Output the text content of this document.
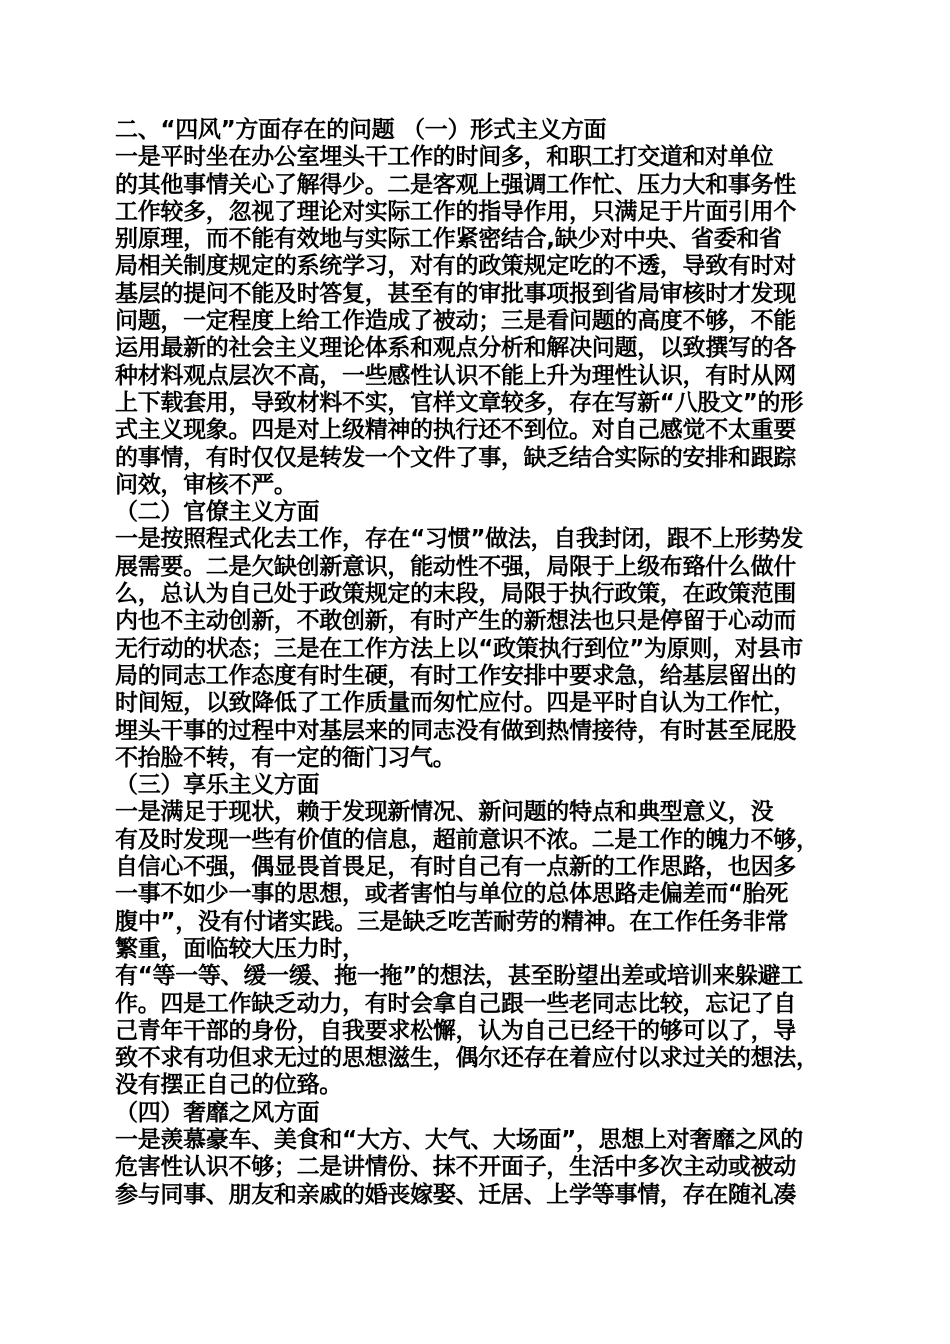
二、“四风”方面存在的问题 （一）形式主义方面
一是平时坐在办公室埋头干工作的时间多，和职工打交道和对单位
的其他事情关心了解得少。二是客观上强调工作忙、压力大和事务性
工作较多，忽视了理论对实际工作的指导作用，只满足于片面引用个
别原理，而不能有效地与实际工作紧密结合,缺少对中央、省委和省
局相关制度规定的系统学习，对有的政策规定吃的不透，导致有时对
基层的提问不能及时答复，甚至有的审批事项报到省局审核时才发现
问题，一定程度上给工作造成了被动；三是看问题的高度不够，不能
运用最新的社会主义理论体系和观点分析和解决问题，以致撰写的各
种材料观点层次不高，一些感性认识不能上升为理性认识，有时从网
上下载套用，导致材料不实，官样文章较多，存在写新“八股文”的形
式主义现象。四是对上级精神的执行还不到位。对自己感觉不太重要
的事情，有时仅仅是转发一个文件了事，缺乏结合实际的安排和跟踪
问效，审核不严。
（二）官僚主义方面
一是按照程式化去工作，存在“习惯”做法，自我封闭，跟不上形势发
展需要。二是欠缺创新意识，能动性不强，局限于上级布臵什么做什
么，总认为自己处于政策规定的末段，局限于执行政策，在政策范围
内也不主动创新，不敢创新，有时产生的新想法也只是停留于心动而
无行动的状态；三是在工作方法上以“政策执行到位”为原则，对县市
局的同志工作态度有时生硬，有时工作安排中要求急，给基层留出的
时间短，以致降低了工作质量而匆忙应付。四是平时自认为工作忙，
埋头干事的过程中对基层来的同志没有做到热情接待，有时甚至屁股
不抬脸不转，有一定的衙门习气。
（三）享乐主义方面
一是满足于现状，赖于发现新情况、新问题的特点和典型意义，没
有及时发现一些有价值的信息，超前意识不浓。二是工作的魄力不够，
自信心不强，偶显畏首畏足，有时自己有一点新的工作思路，也因多
一事不如少一事的思想，或者害怕与单位的总体思路走偏差而“胎死
腹中”，没有付诸实践。三是缺乏吃苦耐劳的精神。在工作任务非常
繁重，面临较大压力时，
有“等一等、缓一缓、拖一拖”的想法，甚至盼望出差或培训来躲避工
作。四是工作缺乏动力，有时会拿自己跟一些老同志比较，忘记了自
己青年干部的身份，自我要求松懈，认为自己已经干的够可以了，导
致不求有功但求无过的思想滋生，偶尔还存在着应付以求过关的想法，
没有摆正自己的位臵。
（四）奢靡之风方面
一是羡慕豪车、美食和“大方、大气、大场面”，思想上对奢靡之风的
危害性认识不够；二是讲情份、抹不开面子，生活中多次主动或被动
参与同事、朋友和亲戚的婚丧嫁娶、迁居、上学等事情，存在随礼凑
